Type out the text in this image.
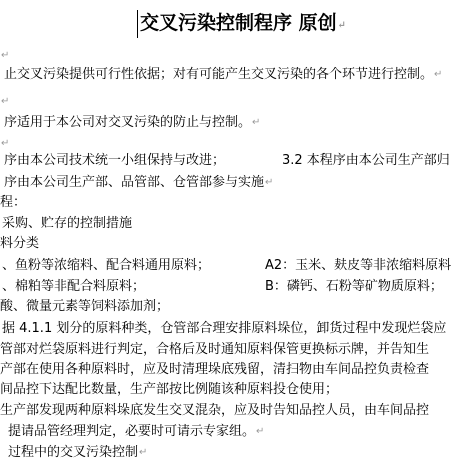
交叉污染控制程序 原创↵
↵
止交叉污染提供可行性依据；对有可能产生交叉污染的各个环节进行控制。↵
↵
序适用于本公司对交叉污染的防止与控制。↵
↵
序由本公司技术统一小组保持与改进；	3.2 本程序由本公司生产部归
序由本公司生产部、品管部、仓管部参与实施↵
程：
采购、贮存的控制措施
料分类
、鱼粉等浓缩料、配合料通用原料；	A2：玉米、麸皮等非浓缩料原料
、棉粕等非配合料原料；	B：磷钙、石粉等矿物质原料；
酸、微量元素等饲料添加剂；
据 4.1.1 划分的原料种类，仓管部合理安排原料垛位，卸货过程中发现烂袋应
管部对烂袋原料进行判定，合格后及时通知原料保管更换标示牌，并告知生
产部在使用各种原料时，应及时清理垛底残留，清扫物由车间品控负责检查
间品控下达配比数量，生产部按比例随该种原料投仓使用；
生产部发现两种原料垛底发生交叉混杂，应及时告知品控人员，由车间品控
提请品管经理判定，必要时可请示专家组。↵
过程中的交叉污染控制↵
